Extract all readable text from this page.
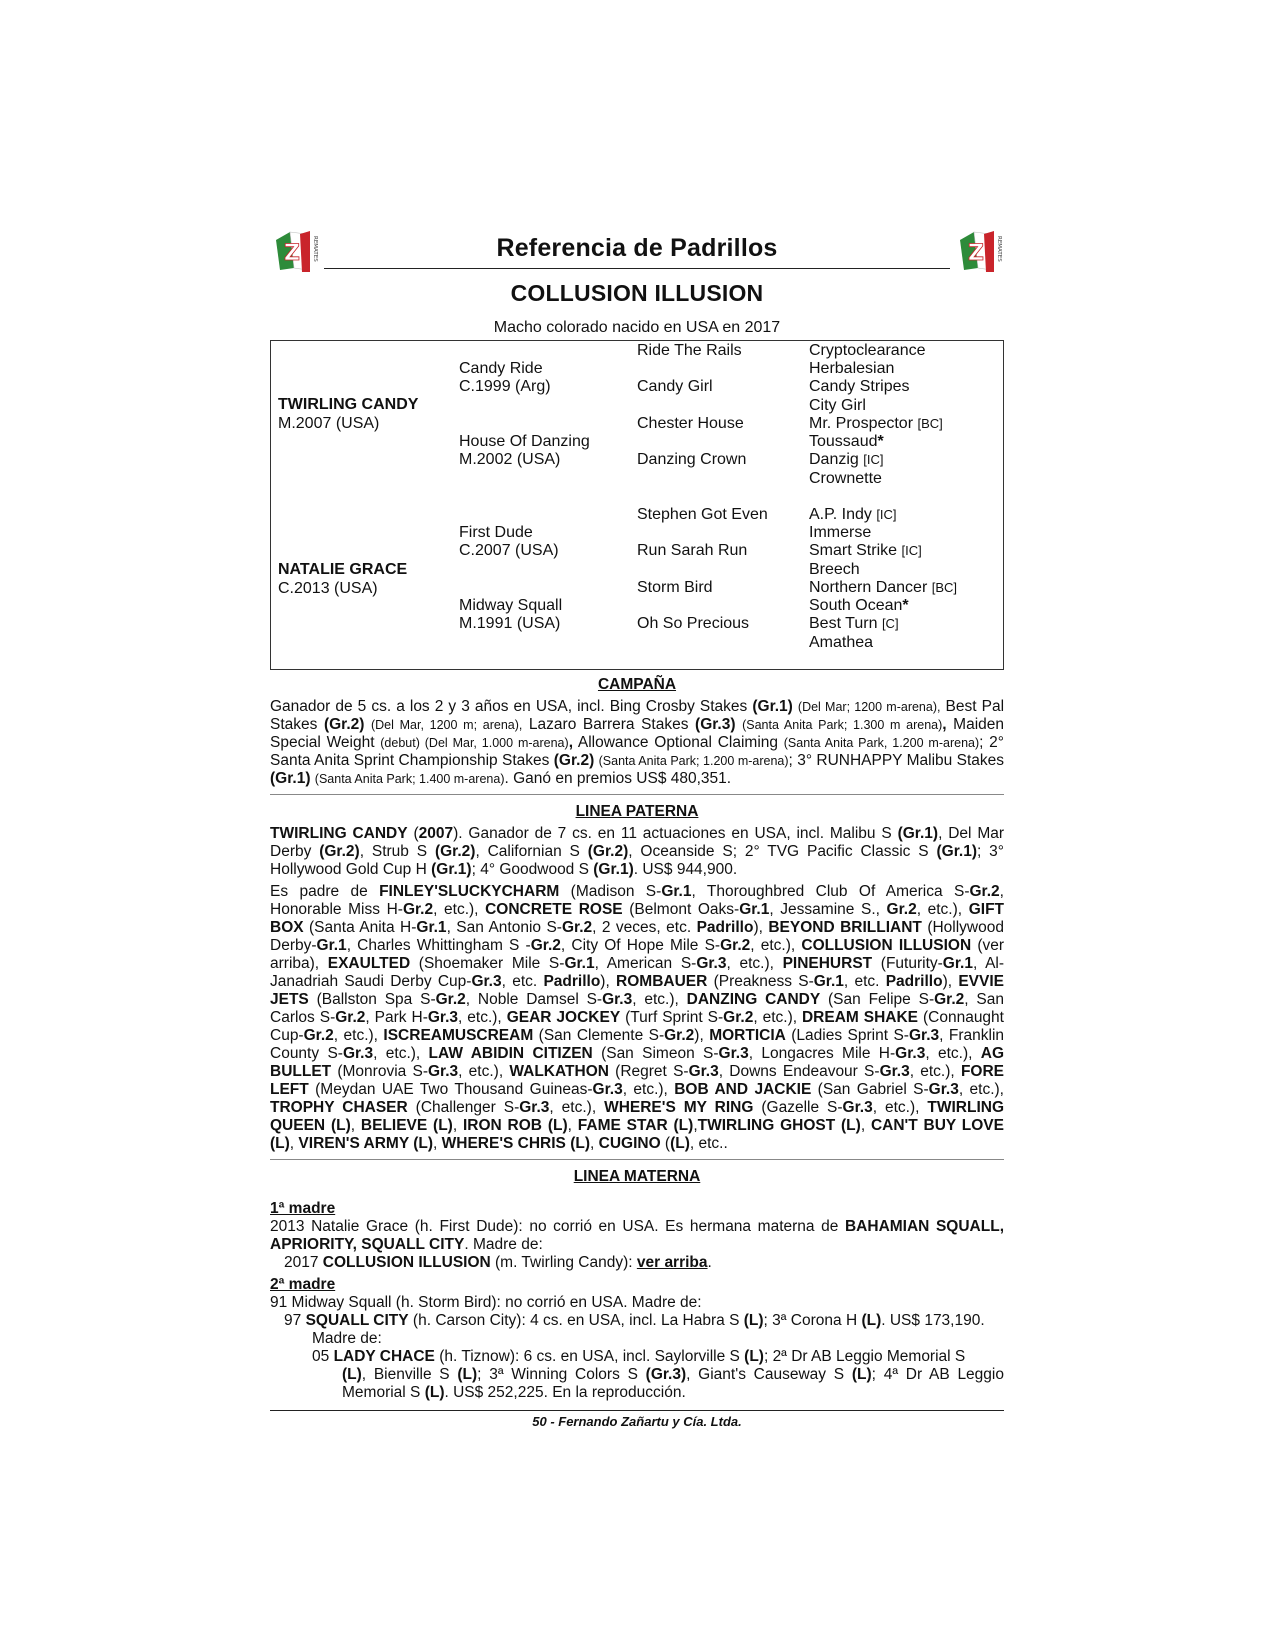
Z REMATES	Referencia de Padrillos	Z REMATES
COLLUSION ILLUSION
Macho colorado nacido en USA en 2017
TWIRLING CANDY
M.2007 (USA)
NATALIE GRACE
C.2013 (USA)
Candy Ride
C.1999 (Arg)
House Of Danzing
M.2002 (USA)
First Dude
C.2007 (USA)
Midway Squall
M.1991 (USA)
Ride The Rails
Candy Girl
Chester House
Danzing Crown
Stephen Got Even
Run Sarah Run
Storm Bird
Oh So Precious
Cryptoclearance
Herbalesian
Candy Stripes
City Girl
Mr. Prospector [BC]
Toussaud*
Danzig [IC]
Crownette
A.P. Indy [IC]
Immerse
Smart Strike [IC]
Breech
Northern Dancer [BC]
South Ocean*
Best Turn [C]
Amathea
CAMPAÑA

Ganador de 5 cs. a los 2 y 3 años en USA, incl. Bing Crosby Stakes (Gr.1) (Del Mar; 1200 m-arena), Best Pal Stakes (Gr.2) (Del Mar, 1200 m; arena), Lazaro Barrera Stakes (Gr.3) (Santa Anita Park; 1.300 m arena), Maiden Special Weight (debut) (Del Mar, 1.000 m-arena), Allowance Optional Claiming (Santa Anita Park, 1.200 m-arena); 2° Santa Anita Sprint Championship Stakes (Gr.2) (Santa Anita Park; 1.200 m-arena); 3° RUNHAPPY Malibu Stakes (Gr.1) (Santa Anita Park; 1.400 m-arena). Ganó en premios US$ 480,351.

LINEA PATERNA

TWIRLING CANDY (2007). Ganador de 7 cs. en 11 actuaciones en USA, incl. Malibu S (Gr.1), Del Mar Derby (Gr.2), Strub S (Gr.2), Californian S (Gr.2), Oceanside S; 2° TVG Pacific Classic S (Gr.1); 3° Hollywood Gold Cup H (Gr.1); 4° Goodwood S (Gr.1). US$ 944,900.

Es padre de FINLEY'SLUCKYCHARM (Madison S-Gr.1, Thoroughbred Club Of America S-Gr.2, Honorable Miss H-Gr.2, etc.), CONCRETE ROSE (Belmont Oaks-Gr.1, Jessamine S., Gr.2, etc.), GIFT BOX (Santa Anita H-Gr.1, San Antonio S-Gr.2, 2 veces, etc. Padrillo), BEYOND BRILLIANT (Hollywood Derby-Gr.1, Charles Whittingham S -Gr.2, City Of Hope Mile S-Gr.2, etc.), COLLUSION ILLUSION (ver arriba), EXAULTED (Shoemaker Mile S-Gr.1, American S-Gr.3, etc.), PINEHURST (Futurity-Gr.1, Al-Janadriah Saudi Derby Cup-Gr.3, etc. Padrillo), ROMBAUER (Preakness S-Gr.1, etc. Padrillo), EVVIE JETS (Ballston Spa S-Gr.2, Noble Damsel S-Gr.3, etc.), DANZING CANDY (San Felipe S-Gr.2, San Carlos S-Gr.2, Park H-Gr.3, etc.), GEAR JOCKEY (Turf Sprint S-Gr.2, etc.), DREAM SHAKE (Connaught Cup-Gr.2, etc.), ISCREAMUSCREAM (San Clemente S-Gr.2), MORTICIA (Ladies Sprint S-Gr.3, Franklin County S-Gr.3, etc.), LAW ABIDIN CITIZEN (San Simeon S-Gr.3, Longacres Mile H-Gr.3, etc.), AG BULLET (Monrovia S-Gr.3, etc.), WALKATHON (Regret S-Gr.3, Downs Endeavour S-Gr.3, etc.), FORE LEFT (Meydan UAE Two Thousand Guineas-Gr.3, etc.), BOB AND JACKIE (San Gabriel S-Gr.3, etc.), TROPHY CHASER (Challenger S-Gr.3, etc.), WHERE'S MY RING (Gazelle S-Gr.3, etc.), TWIRLING QUEEN (L), BELIEVE (L), IRON ROB (L), FAME STAR (L),TWIRLING GHOST (L), CAN'T BUY LOVE (L), VIREN'S ARMY (L), WHERE'S CHRIS (L), CUGINO ((L), etc..

LINEA MATERNA
1ª madre
2013 Natalie Grace (h. First Dude): no corrió en USA. Es hermana materna de BAHAMIAN SQUALL, APRIORITY, SQUALL CITY. Madre de:
2017 COLLUSION ILLUSION (m. Twirling Candy): ver arriba.
2ª madre
91 Midway Squall (h. Storm Bird): no corrió en USA. Madre de:
97 SQUALL CITY (h. Carson City): 4 cs. en USA, incl. La Habra S (L); 3ª Corona H (L). US$ 173,190.
Madre de:
05 LADY CHACE (h. Tiznow): 6 cs. en USA, incl. Saylorville S (L); 2ª Dr AB Leggio Memorial S
(L), Bienville S (L); 3ª Winning Colors S (Gr.3), Giant's Causeway S (L); 4ª Dr AB Leggio Memorial S (L). US$ 252,225. En la reproducción.
50 - Fernando Zañartu y Cía. Ltda.
